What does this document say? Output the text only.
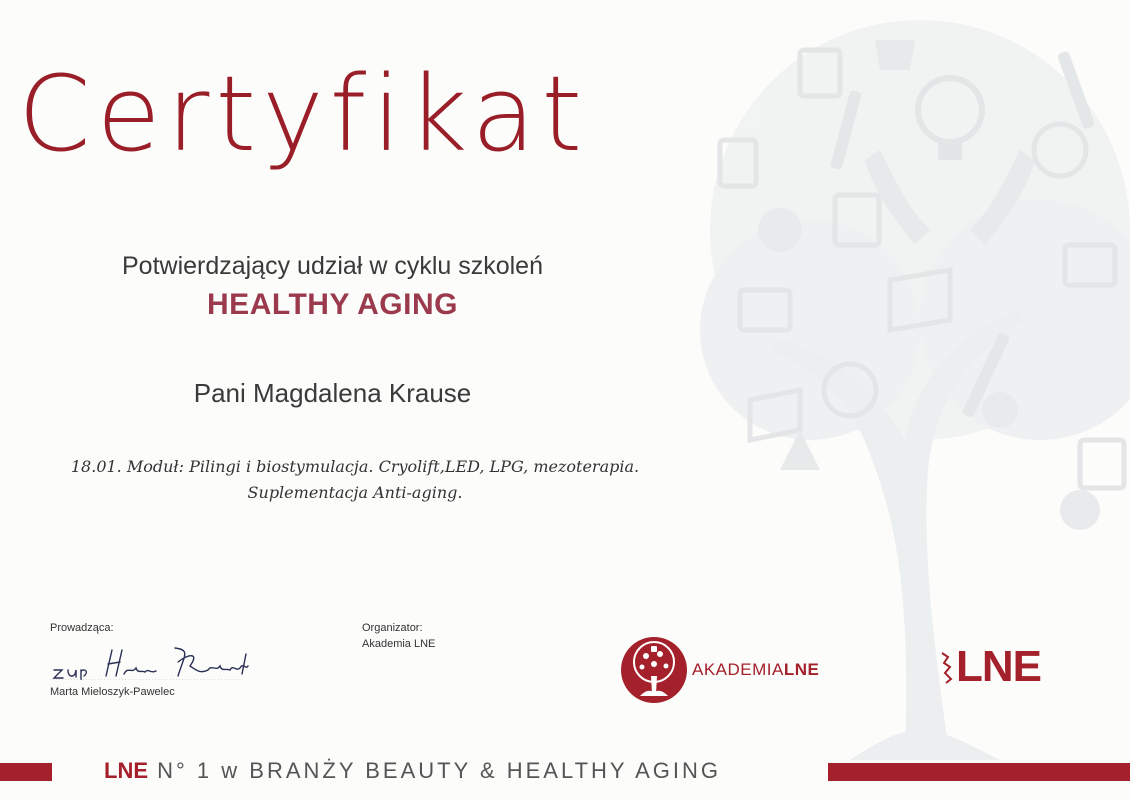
Certyfikat
Potwierdzający udział w cyklu szkoleń
HEALTHY AGING
Pani Magdalena Krause
18.01. Moduł: Pilingi i biostymulacja. Cryolift,LED, LPG, mezoterapia.
Suplementacja Anti-aging.
Prowadząca:
Marta Mieloszyk-Pawelec
Organizator:
Akademia LNE
AKADEMIALNE	LNE
LNE N° 1 w BRANŻY BEAUTY & HEALTHY AGING
